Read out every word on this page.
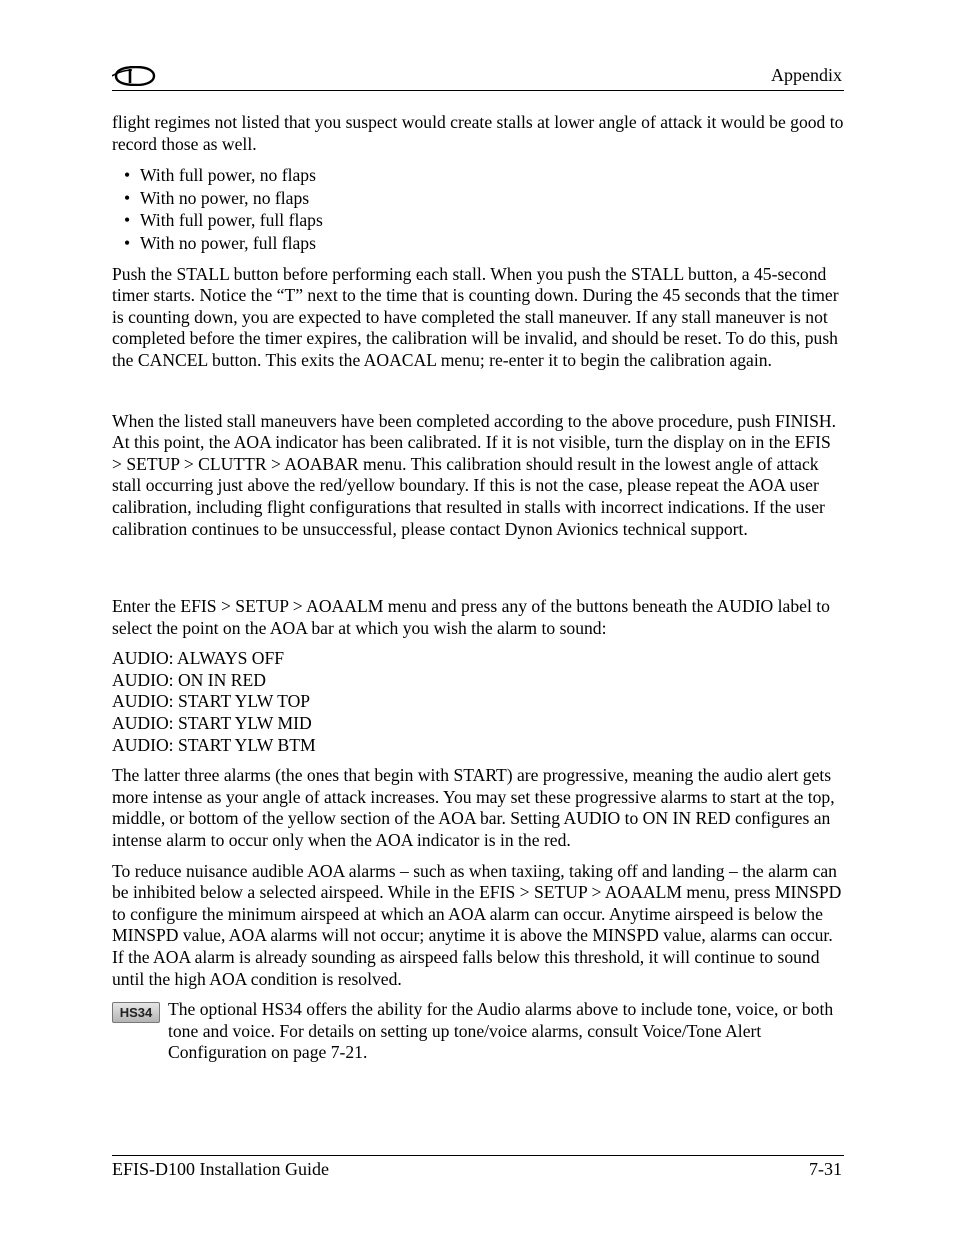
Appendix

flight regimes not listed that you suspect would create stalls at lower angle of attack it would be good to record those as well.

• With full power, no flaps
• With no power, no flaps
• With full power, full flaps
• With no power, full flaps

Push the STALL button before performing each stall. When you push the STALL button, a 45-second timer starts. Notice the “T” next to the time that is counting down. During the 45 seconds that the timer is counting down, you are expected to have completed the stall maneuver. If any stall maneuver is not completed before the timer expires, the calibration will be invalid, and should be reset. To do this, push the CANCEL button. This exits the AOACAL menu; re-enter it to begin the calibration again.

When the listed stall maneuvers have been completed according to the above procedure, push FINISH. At this point, the AOA indicator has been calibrated. If it is not visible, turn the display on in the EFIS > SETUP > CLUTTR > AOABAR menu. This calibration should result in the lowest angle of attack stall occurring just above the red/yellow boundary. If this is not the case, please repeat the AOA user calibration, including flight configurations that resulted in stalls with incorrect indications. If the user calibration continues to be unsuccessful, please contact Dynon Avionics technical support.

Enter the EFIS > SETUP > AOAALM menu and press any of the buttons beneath the AUDIO label to select the point on the AOA bar at which you wish the alarm to sound:

AUDIO: ALWAYS OFF
AUDIO: ON IN RED
AUDIO: START YLW TOP
AUDIO: START YLW MID
AUDIO: START YLW BTM

The latter three alarms (the ones that begin with START) are progressive, meaning the audio alert gets more intense as your angle of attack increases. You may set these progressive alarms to start at the top, middle, or bottom of the yellow section of the AOA bar. Setting AUDIO to ON IN RED configures an intense alarm to occur only when the AOA indicator is in the red.

To reduce nuisance audible AOA alarms – such as when taxiing, taking off and landing – the alarm can be inhibited below a selected airspeed. While in the EFIS > SETUP > AOAALM menu, press MINSPD to configure the minimum airspeed at which an AOA alarm can occur. Anytime airspeed is below the MINSPD value, AOA alarms will not occur; anytime it is above the MINSPD value, alarms can occur. If the AOA alarm is already sounding as airspeed falls below this threshold, it will continue to sound until the high AOA condition is resolved.

HS34 The optional HS34 offers the ability for the Audio alarms above to include tone, voice, or both tone and voice. For details on setting up tone/voice alarms, consult Voice/Tone Alert Configuration on page 7-21.

EFIS-D100 Installation Guide	7-31
